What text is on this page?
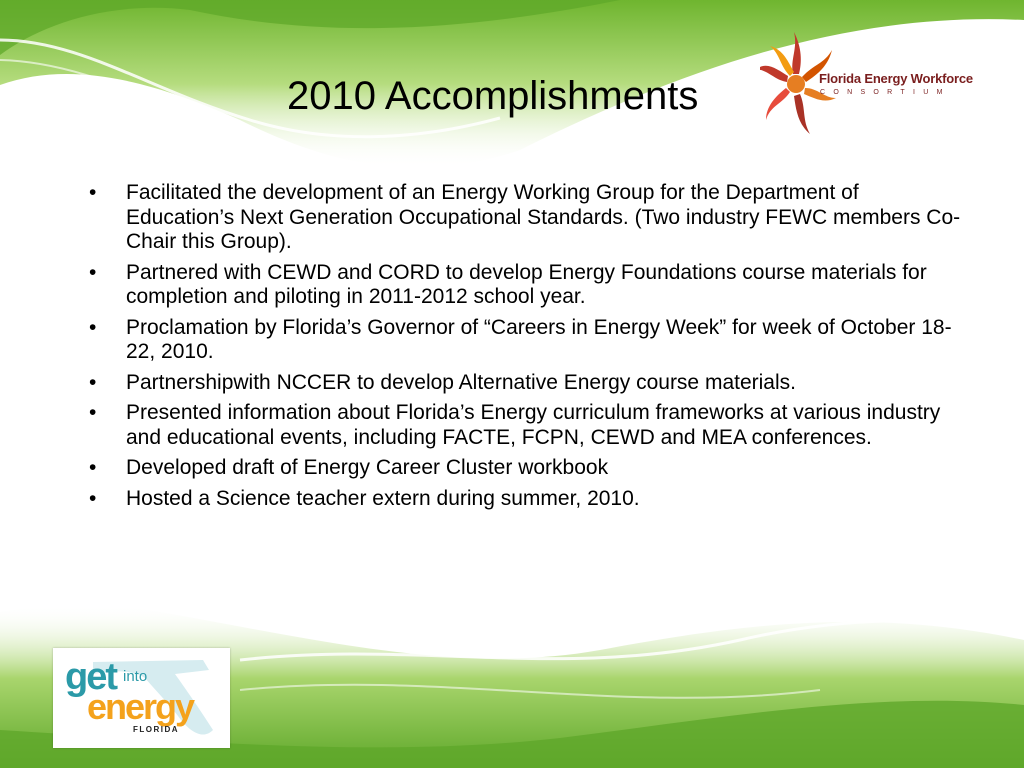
2010 Accomplishments	Florida Energy Workforce
CONSORTIUM
• Facilitated the development of an Energy Working Group for the Department of Education’s Next Generation Occupational Standards. (Two industry FEWC members Co-Chair this Group).
• Partnered with CEWD and CORD to develop Energy Foundations course materials for completion and piloting in 2011-2012 school year.
• Proclamation by Florida’s Governor of “Careers in Energy Week” for week of October 18-22, 2010.
• Partnershipwith NCCER to develop Alternative Energy course materials.
• Presented information about Florida’s Energy curriculum frameworks at various industry and educational events, including FACTE, FCPN, CEWD and MEA conferences.
• Developed draft of Energy Career Cluster workbook
• Hosted a Science teacher extern during summer, 2010.
get into
energy
FLORIDA
